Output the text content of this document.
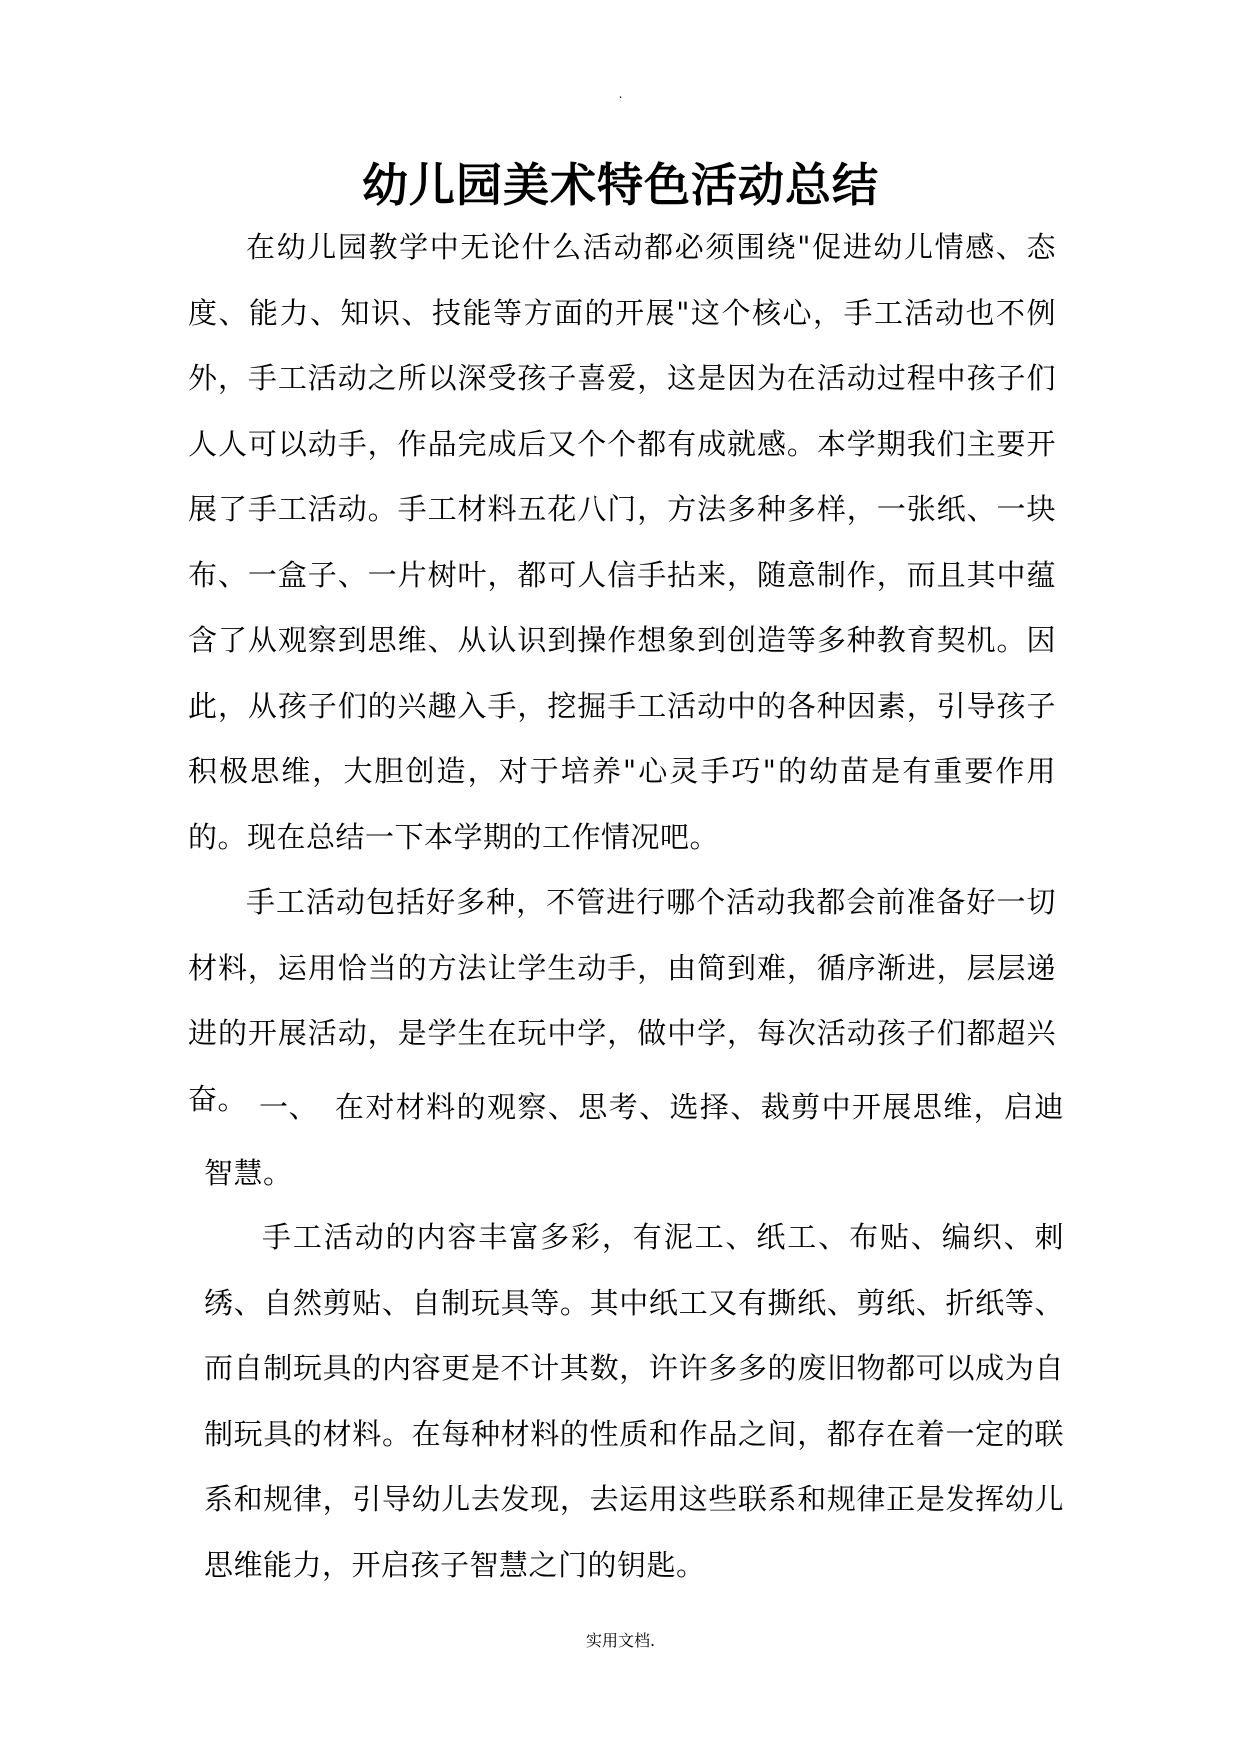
.
幼儿园美术特色活动总结

在幼儿园教学中无论什么活动都必须围绕"促进幼儿情感、态度、能力、知识、技能等方面的开展"这个核心，手工活动也不例外，手工活动之所以深受孩子喜爱，这是因为在活动过程中孩子们人人可以动手，作品完成后又个个都有成就感。本学期我们主要开展了手工活动。手工材料五花八门，方法多种多样，一张纸、一块布、一盒子、一片树叶，都可人信手拈来，随意制作，而且其中蕴含了从观察到思维、从认识到操作想象到创造等多种教育契机。因此，从孩子们的兴趣入手，挖掘手工活动中的各种因素，引导孩子积极思维，大胆创造，对于培养"心灵手巧"的幼苗是有重要作用的。现在总结一下本学期的工作情况吧。

手工活动包括好多种，不管进行哪个活动我都会前准备好一切材料，运用恰当的方法让学生动手，由简到难，循序渐进，层层递进的开展活动，是学生在玩中学，做中学，每次活动孩子们都超兴奋。 一、 在对材料的观察、思考、选择、裁剪中开展思维，启迪智慧。

手工活动的内容丰富多彩，有泥工、纸工、布贴、编织、刺绣、自然剪贴、自制玩具等。其中纸工又有撕纸、剪纸、折纸等、而自制玩具的内容更是不计其数，许许多多的废旧物都可以成为自制玩具的材料。在每种材料的性质和作品之间，都存在着一定的联系和规律，引导幼儿去发现，去运用这些联系和规律正是发挥幼儿思维能力，开启孩子智慧之门的钥匙。

实用文档.
